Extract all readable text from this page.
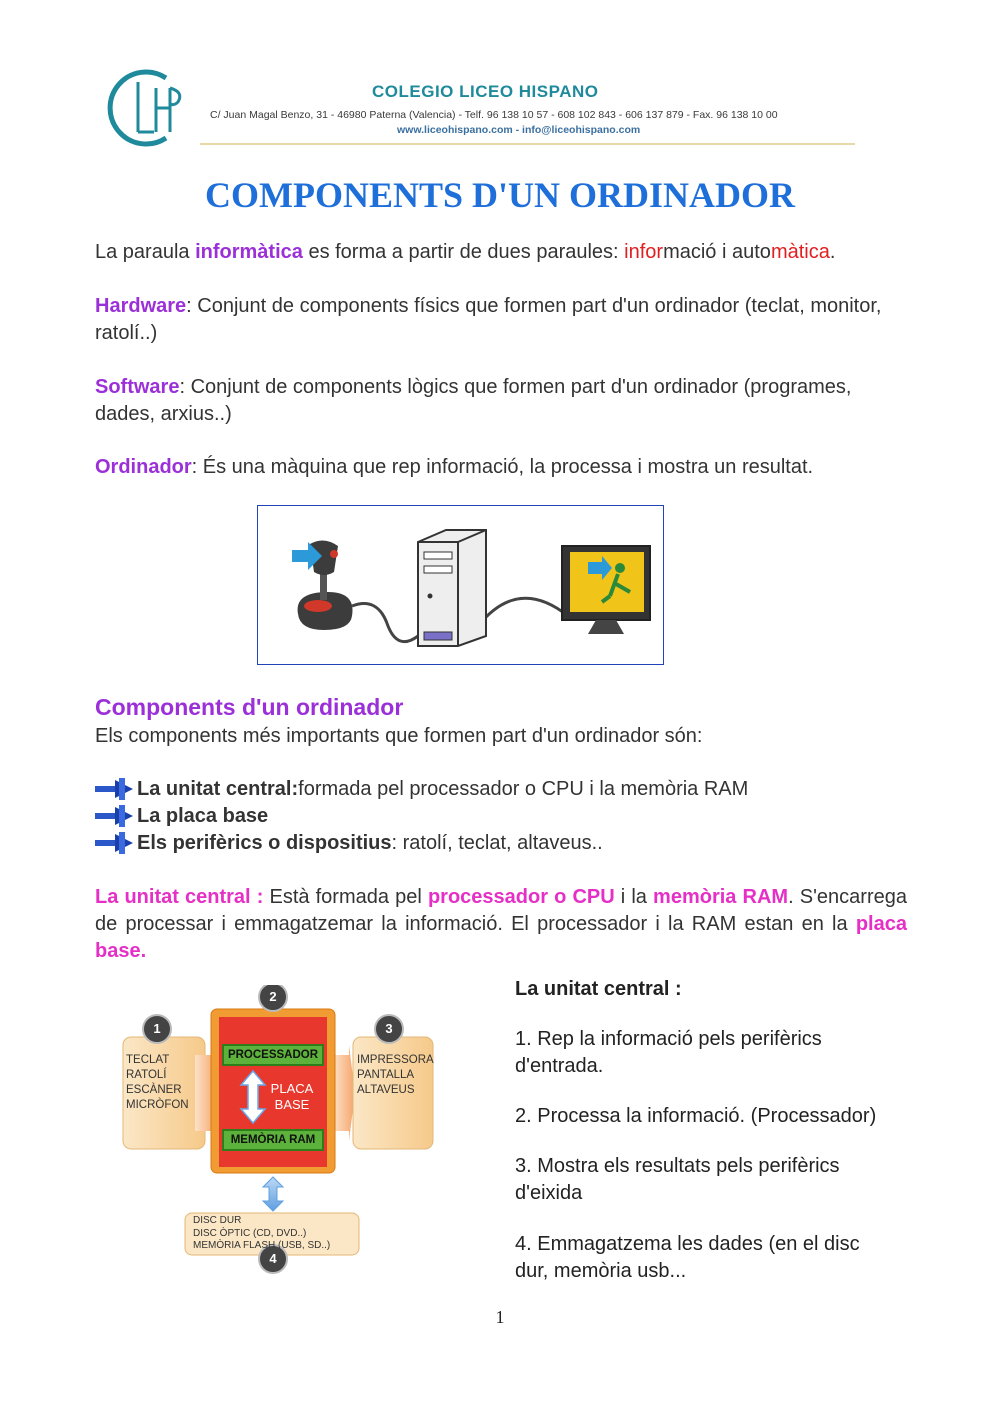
COLEGIO LICEO HISPANO
C/ Juan Magal Benzo, 31 - 46980 Paterna (Valencia) - Telf. 96 138 10 57 - 608 102 843 - 606 137 879 - Fax. 96 138 10 00
www.liceohispano.com - info@liceohispano.com
COMPONENTS D'UN ORDINADOR
La paraula informàtica es forma a partir de dues paraules: informació i automàtica.
Hardware: Conjunt de components físics que formen part d'un ordinador (teclat, monitor, ratolí..)
Software: Conjunt de components lògics que formen part d'un ordinador (programes, dades, arxius..)
Ordinador: És una màquina que rep informació, la processa i mostra un resultat.
Components d'un ordinador
Els components més importants que formen part d'un ordinador són:
La unitat central: formada pel processador o CPU i la memòria RAM
La placa base
Els perifèrics o dispositius : ratolí, teclat, altaveus..
La unitat central : Està formada pel processador o CPU i la memòria RAM. S'encarrega de processar i emmagatzemar la informació. El processador i la RAM estan en la placa base.
1
2
3
4
TECLAT
RATOLÍ
ESCÀNER
MICRÒFON
PROCESSADOR
PLACA
BASE
MEMÒRIA RAM
IMPRESSORA
PANTALLA
ALTAVEUS
DISC DUR
DISC ÒPTIC (CD, DVD..)
MEMÒRIA FLASH (USB, SD..)
La unitat central :
1. Rep la informació pels perifèrics d'entrada.
2. Processa la informació. (Processador)
3. Mostra els resultats pels perifèrics d'eixida
4. Emmagatzema les dades (en el disc dur, memòria usb...
1
